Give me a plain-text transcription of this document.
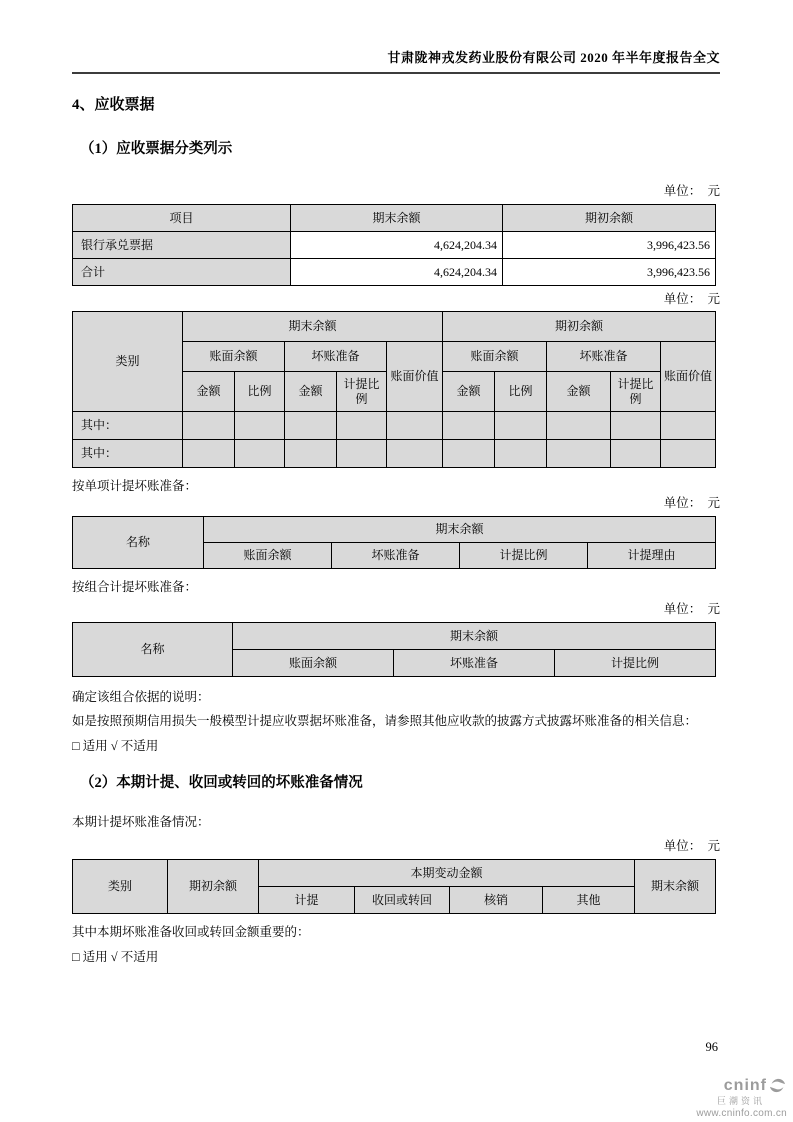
甘肃陇神戎发药业股份有限公司 2020 年半年度报告全文
4、应收票据
（1）应收票据分类列示
单位：　元
项目	期末余额	期初余额
银行承兑票据	4,624,204.34	3,996,423.56
合计	4,624,204.34	3,996,423.56
单位：　元
类别	期末余额					期初余额				
	账面余额		坏账准备		账面价值	账面余额		坏账准备		账面价值
	金额	比例	金额	计提比例		金额	比例	金额	计提比例	
其中：										
其中：										
按单项计提坏账准备：
单位：　元
名称	期末余额			
	账面余额	坏账准备	计提比例	计提理由
按组合计提坏账准备：
单位：　元
名称	期末余额		
	账面余额	坏账准备	计提比例
确定该组合依据的说明：
如是按照预期信用损失一般模型计提应收票据坏账准备，请参照其他应收款的披露方式披露坏账准备的相关信息：
□ 适用 √ 不适用
（2）本期计提、收回或转回的坏账准备情况
本期计提坏账准备情况：
单位：　元
类别	期初余额	本期变动金额				期末余额
		计提	收回或转回	核销	其他	
其中本期坏账准备收回或转回金额重要的：
□ 适用 √ 不适用
96
cninf
巨潮资讯
www.cninfo.com.cn
